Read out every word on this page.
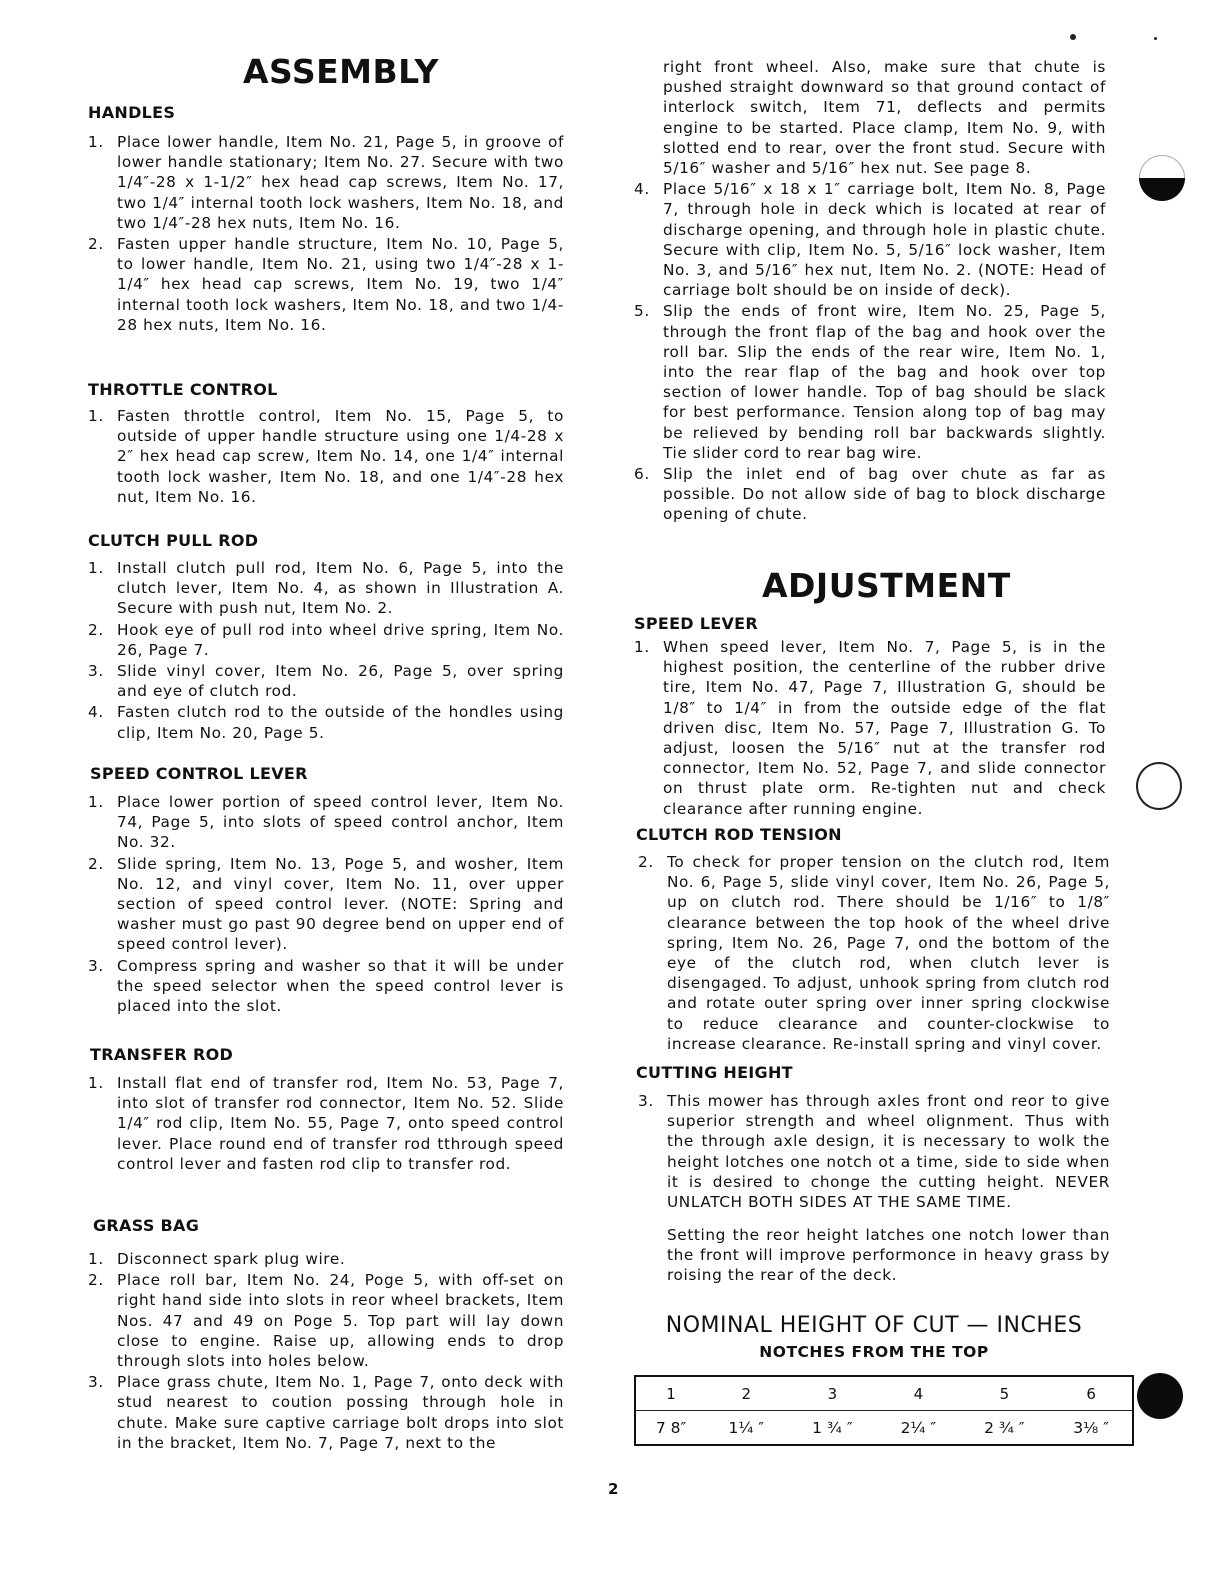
ASSEMBLY
HANDLES
1. Place lower handle, Item No. 21, Page 5, in groove of lower handle stationary; Item No. 27. Secure with two 1/4″-28 x 1-1/2″ hex head cap screws, Item No. 17, two 1/4″ internal tooth lock washers, Item No. 18, and two 1/4″-28 hex nuts, Item No. 16.
2. Fasten upper handle structure, Item No. 10, Page 5, to lower handle, Item No. 21, using two 1/4″-28 x 1-1/4″ hex head cap screws, Item No. 19, two 1/4″ internal tooth lock washers, Item No. 18, and two 1/4-28 hex nuts, Item No. 16.
THROTTLE CONTROL
1. Fasten throttle control, Item No. 15, Page 5, to outside of upper handle structure using one 1/4-28 x 2″ hex head cap screw, Item No. 14, one 1/4″ internal tooth lock washer, Item No. 18, and one 1/4″-28 hex nut, Item No. 16.
CLUTCH PULL ROD
1. Install clutch pull rod, Item No. 6, Page 5, into the clutch lever, Item No. 4, as shown in Illustration A. Secure with push nut, Item No. 2.
2. Hook eye of pull rod into wheel drive spring, Item No. 26, Page 7.
3. Slide vinyl cover, Item No. 26, Page 5, over spring and eye of clutch rod.
4. Fasten clutch rod to the outside of the hondles using clip, Item No. 20, Page 5.
SPEED CONTROL LEVER
1. Place lower portion of speed control lever, Item No. 74, Page 5, into slots of speed control anchor, Item No. 32.
2. Slide spring, Item No. 13, Poge 5, and wosher, Item No. 12, and vinyl cover, Item No. 11, over upper section of speed control lever. (NOTE: Spring and washer must go past 90 degree bend on upper end of speed control lever).
3. Compress spring and washer so that it will be under the speed selector when the speed control lever is placed into the slot.
TRANSFER ROD
1. Install flat end of transfer rod, Item No. 53, Page 7, into slot of transfer rod connector, Item No. 52. Slide 1/4″ rod clip, Item No. 55, Page 7, onto speed control lever. Place round end of transfer rod tthrough speed control lever and fasten rod clip to transfer rod.
GRASS BAG
1. Disconnect spark plug wire.
2. Place roll bar, Item No. 24, Poge 5, with off-set on right hand side into slots in reor wheel brackets, Item Nos. 47 and 49 on Poge 5. Top part will lay down close to engine. Raise up, allowing ends to drop through slots into holes below.
3. Place grass chute, Item No. 1, Page 7, onto deck with stud nearest to coution possing through hole in chute. Make sure captive carriage bolt drops into slot in the bracket, Item No. 7, Page 7, next to the
right front wheel. Also, make sure that chute is pushed straight downward so that ground contact of interlock switch, Item 71, deflects and permits engine to be started. Place clamp, Item No. 9, with slotted end to rear, over the front stud. Secure with 5/16″ washer and 5/16″ hex nut. See page 8.
4. Place 5/16″ x 18 x 1″ carriage bolt, Item No. 8, Page 7, through hole in deck which is located at rear of discharge opening, and through hole in plastic chute. Secure with clip, Item No. 5, 5/16″ lock washer, Item No. 3, and 5/16″ hex nut, Item No. 2. (NOTE: Head of carriage bolt should be on inside of deck).
5. Slip the ends of front wire, Item No. 25, Page 5, through the front flap of the bag and hook over the roll bar. Slip the ends of the rear wire, Item No. 1, into the rear flap of the bag and hook over top section of lower handle. Top of bag should be slack for best performance. Tension along top of bag may be relieved by bending roll bar backwards slightly. Tie slider cord to rear bag wire.
6. Slip the inlet end of bag over chute as far as possible. Do not allow side of bag to block discharge opening of chute.
ADJUSTMENT
SPEED LEVER
1. When speed lever, Item No. 7, Page 5, is in the highest position, the centerline of the rubber drive tire, Item No. 47, Page 7, Illustration G, should be 1/8″ to 1/4″ in from the outside edge of the flat driven disc, Item No. 57, Page 7, Illustration G. To adjust, loosen the 5/16″ nut at the transfer rod connector, Item No. 52, Page 7, and slide connector on thrust plate orm. Re-tighten nut and check clearance after running engine.
CLUTCH ROD TENSION
2. To check for proper tension on the clutch rod, Item No. 6, Page 5, slide vinyl cover, Item No. 26, Page 5, up on clutch rod. There should be 1/16″ to 1/8″ clearance between the top hook of the wheel drive spring, Item No. 26, Page 7, ond the bottom of the eye of the clutch rod, when clutch lever is disengaged. To adjust, unhook spring from clutch rod and rotate outer spring over inner spring clockwise to reduce clearance and counter-clockwise to increase clearance. Re-install spring and vinyl cover.
CUTTING HEIGHT
3. This mower has through axles front ond reor to give superior strength and wheel olignment. Thus with the through axle design, it is necessary to wolk the height lotches one notch ot a time, side to side when it is desired to chonge the cutting height. NEVER UNLATCH BOTH SIDES AT THE SAME TIME.

Setting the reor height latches one notch lower than the front will improve performonce in heavy grass by roising the rear of the deck.

NOMINAL HEIGHT OF CUT — INCHES
NOTCHES FROM THE TOP
1	2	3	4	5	6
7 8″	1¼ ″	1 ¾ ″	2¼ ″	2 ¾ ″	3⅛ ″
2
